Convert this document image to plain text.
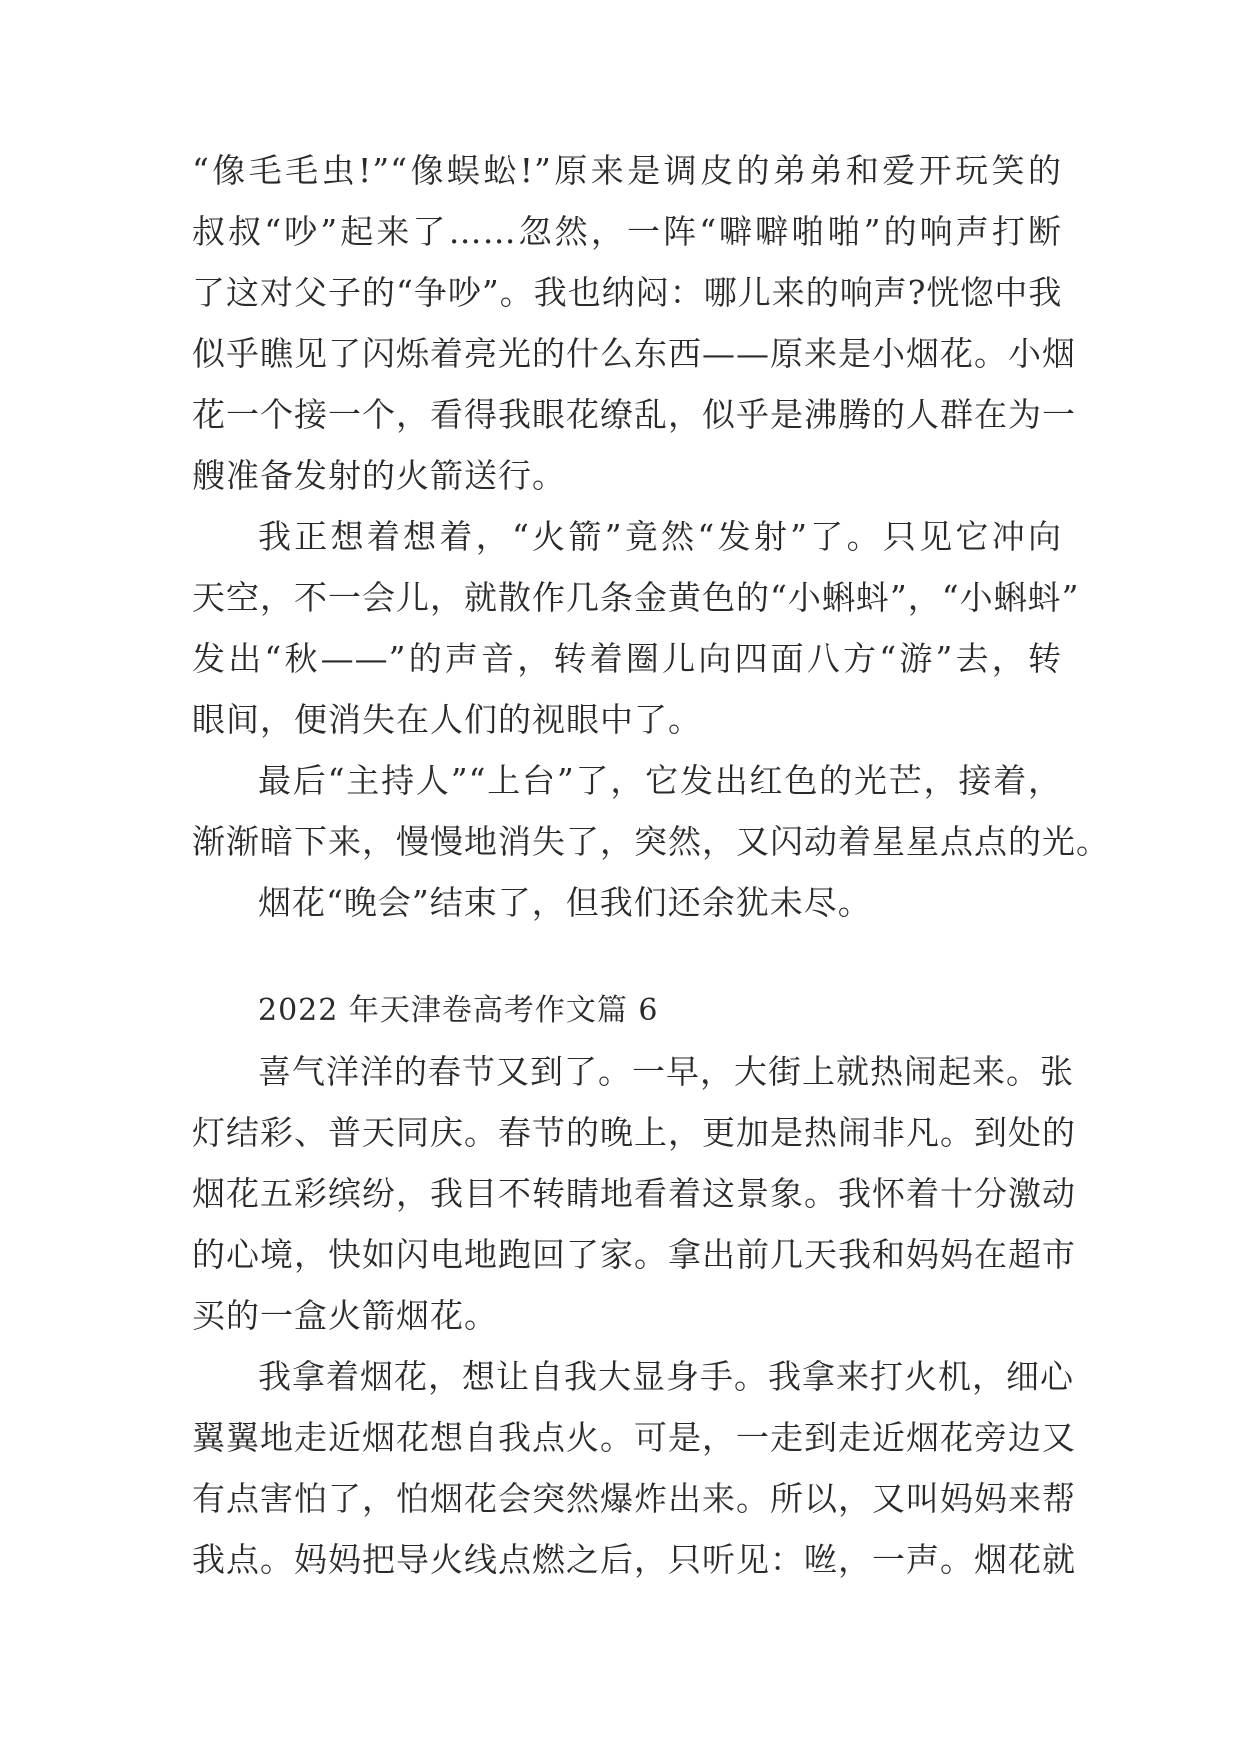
“像毛毛虫!”“像蜈蚣!”原来是调皮的弟弟和爱开玩笑的
叔叔“吵”起来了……忽然，一阵“噼噼啪啪”的响声打断
了这对父子的“争吵”。我也纳闷：哪儿来的响声?恍惚中我
似乎瞧见了闪烁着亮光的什么东西——原来是小烟花。小烟
花一个接一个，看得我眼花缭乱，似乎是沸腾的人群在为一
艘准备发射的火箭送行。
我正想着想着，“火箭”竟然“发射”了。只见它冲向
天空，不一会儿，就散作几条金黄色的“小蝌蚪”，“小蝌蚪”
发出“秋——”的声音，转着圈儿向四面八方“游”去，转
眼间，便消失在人们的视眼中了。
最后“主持人”“上台”了，它发出红色的光芒，接着，
渐渐暗下来，慢慢地消失了，突然，又闪动着星星点点的光。
烟花“晚会”结束了，但我们还余犹未尽。
2022 年天津卷高考作文篇 6
喜气洋洋的春节又到了。一早，大街上就热闹起来。张
灯结彩、普天同庆。春节的晚上，更加是热闹非凡。到处的
烟花五彩缤纷，我目不转睛地看着这景象。我怀着十分激动
的心境，快如闪电地跑回了家。拿出前几天我和妈妈在超市
买的一盒火箭烟花。
我拿着烟花，想让自我大显身手。我拿来打火机，细心
翼翼地走近烟花想自我点火。可是，一走到走近烟花旁边又
有点害怕了，怕烟花会突然爆炸出来。所以，又叫妈妈来帮
我点。妈妈把导火线点燃之后，只听见：咝，一声。烟花就
